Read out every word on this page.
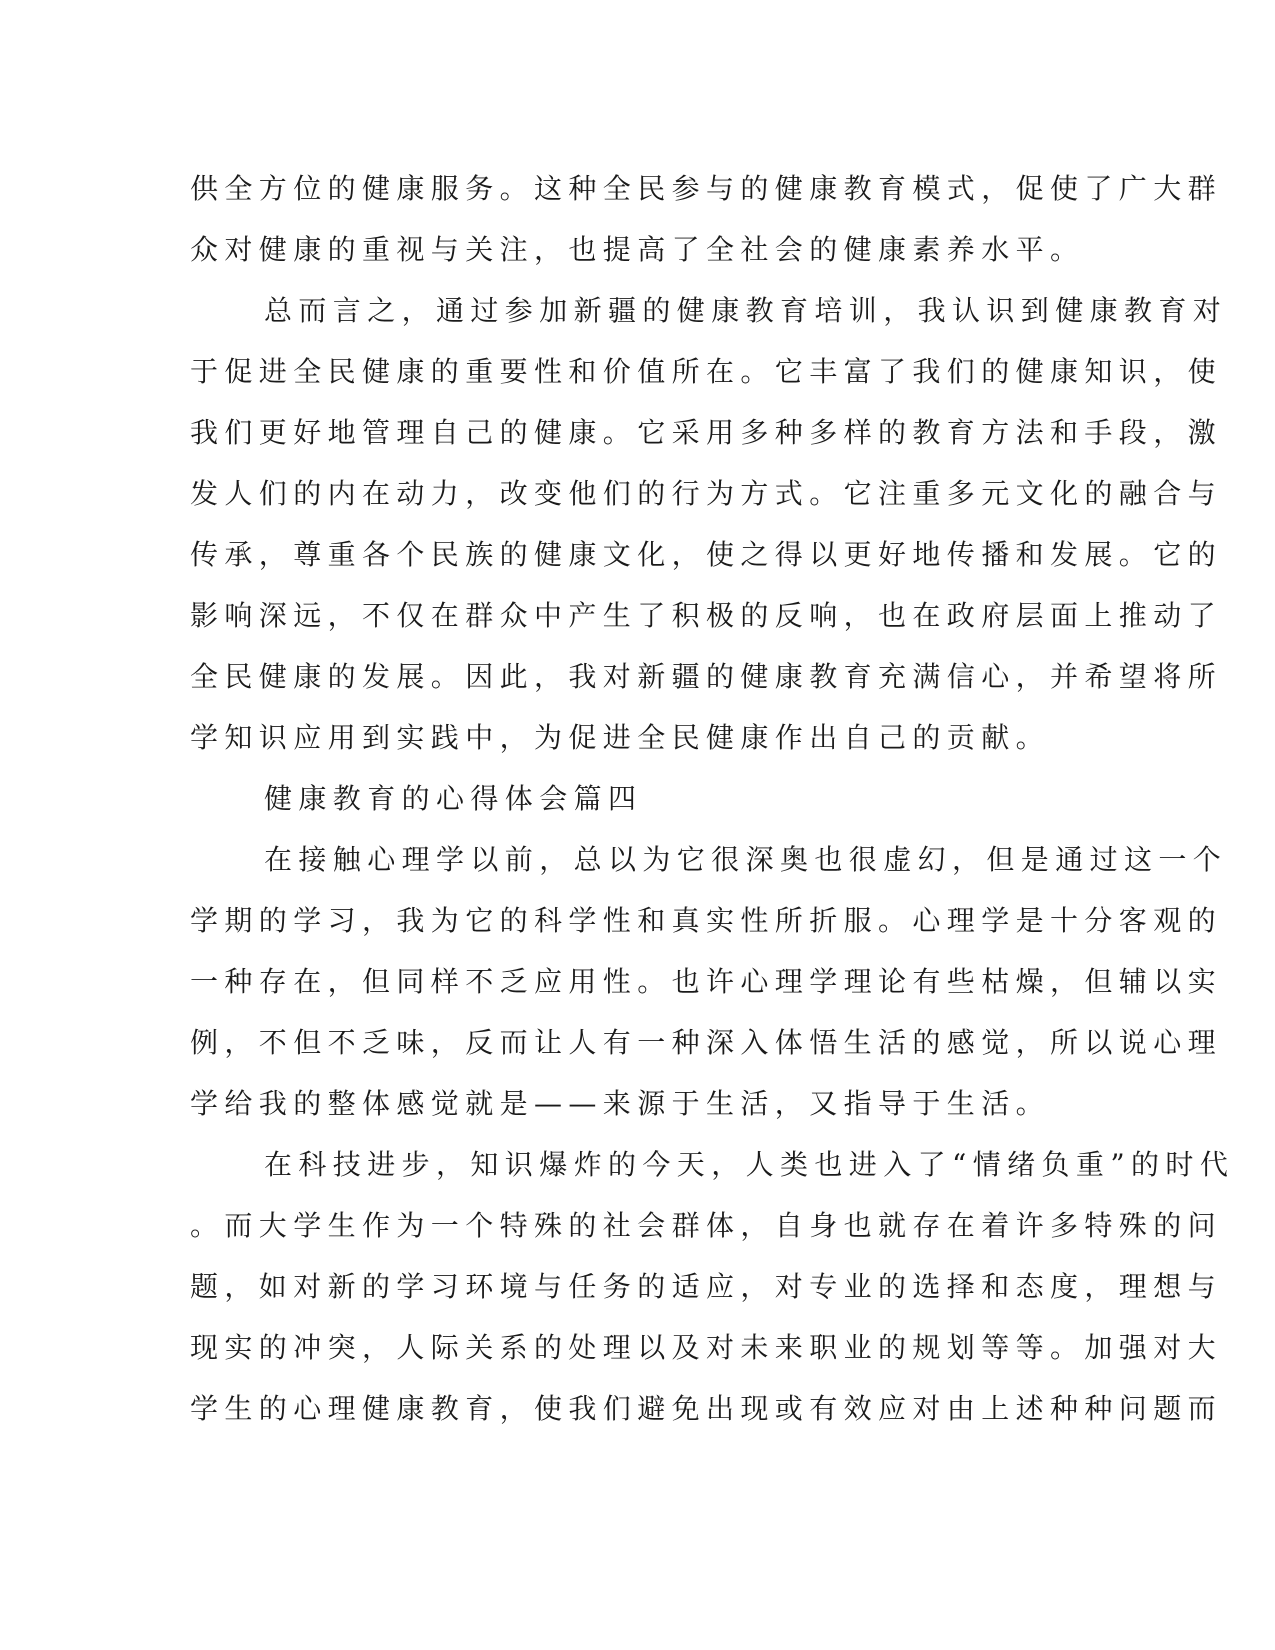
供全方位的健康服务。这种全民参与的健康教育模式，促使了广大群
众对健康的重视与关注，也提高了全社会的健康素养水平。
总而言之，通过参加新疆的健康教育培训，我认识到健康教育对
于促进全民健康的重要性和价值所在。它丰富了我们的健康知识，使
我们更好地管理自己的健康。它采用多种多样的教育方法和手段，激
发人们的内在动力，改变他们的行为方式。它注重多元文化的融合与
传承，尊重各个民族的健康文化，使之得以更好地传播和发展。它的
影响深远，不仅在群众中产生了积极的反响，也在政府层面上推动了
全民健康的发展。因此，我对新疆的健康教育充满信心，并希望将所
学知识应用到实践中，为促进全民健康作出自己的贡献。
健康教育的心得体会篇四
在接触心理学以前，总以为它很深奥也很虚幻，但是通过这一个
学期的学习，我为它的科学性和真实性所折服。心理学是十分客观的
一种存在，但同样不乏应用性。也许心理学理论有些枯燥，但辅以实
例，不但不乏味，反而让人有一种深入体悟生活的感觉，所以说心理
学给我的整体感觉就是——来源于生活，又指导于生活。
在科技进步，知识爆炸的今天，人类也进入了“情绪负重”的时代
。而大学生作为一个特殊的社会群体，自身也就存在着许多特殊的问
题，如对新的学习环境与任务的适应，对专业的选择和态度，理想与
现实的冲突，人际关系的处理以及对未来职业的规划等等。加强对大
学生的心理健康教育，使我们避免出现或有效应对由上述种种问题而
